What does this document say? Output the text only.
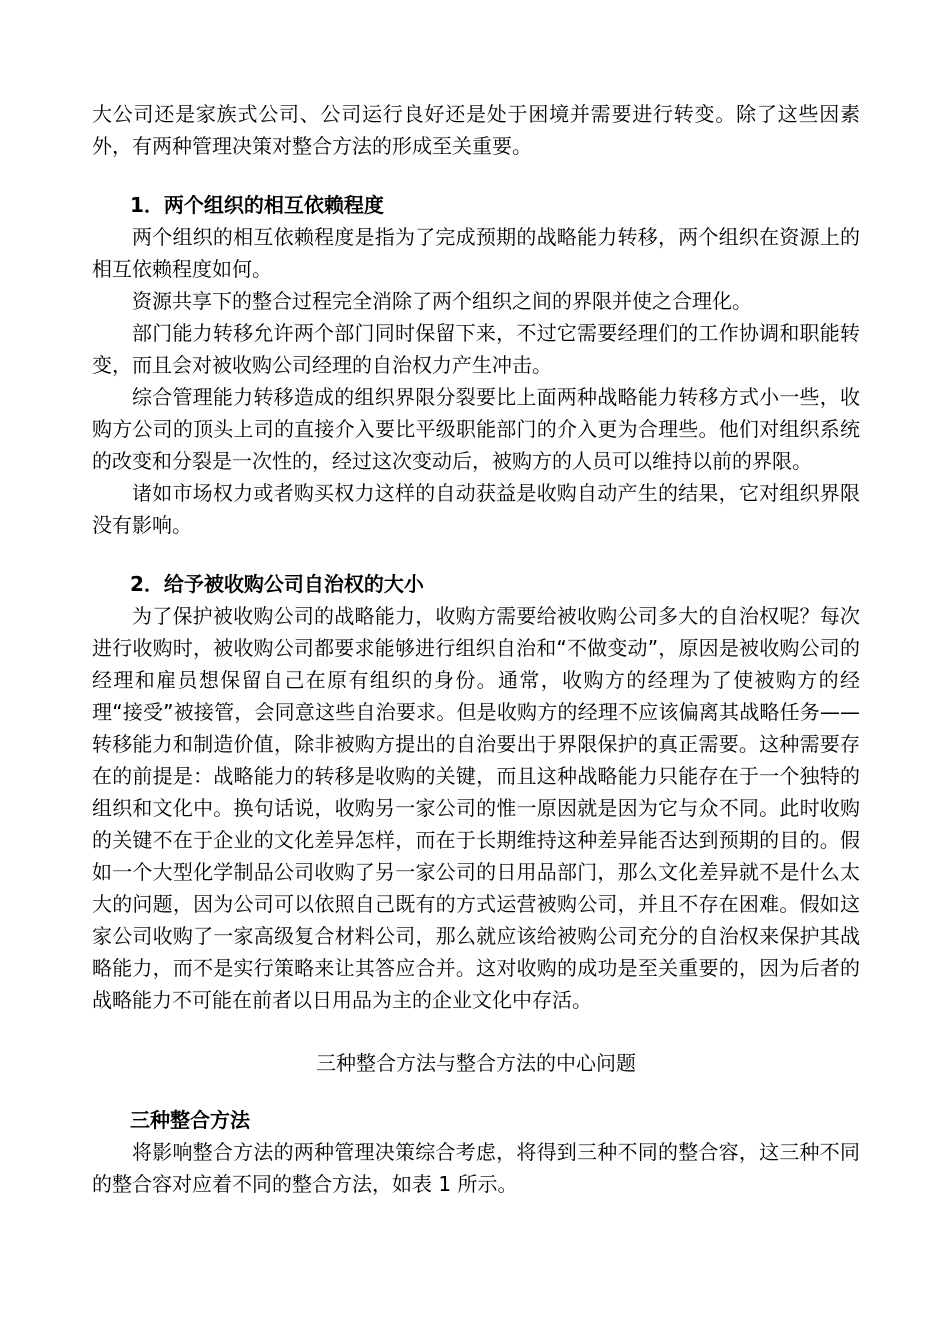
大公司还是家族式公司、公司运行良好还是处于困境并需要进行转变。除了这些因素外，有两种管理决策对整合方法的形成至关重要。

1．两个组织的相互依赖程度

两个组织的相互依赖程度是指为了完成预期的战略能力转移，两个组织在资源上的相互依赖程度如何。

资源共享下的整合过程完全消除了两个组织之间的界限并使之合理化。

部门能力转移允许两个部门同时保留下来，不过它需要经理们的工作协调和职能转变，而且会对被收购公司经理的自治权力产生冲击。

综合管理能力转移造成的组织界限分裂要比上面两种战略能力转移方式小一些，收购方公司的顶头上司的直接介入要比平级职能部门的介入更为合理些。他们对组织系统的改变和分裂是一次性的，经过这次变动后，被购方的人员可以维持以前的界限。

诸如市场权力或者购买权力这样的自动获益是收购自动产生的结果，它对组织界限没有影响。

2．给予被收购公司自治权的大小

为了保护被收购公司的战略能力，收购方需要给被收购公司多大的自治权呢？每次进行收购时，被收购公司都要求能够进行组织自治和“不做变动”，原因是被收购公司的经理和雇员想保留自己在原有组织的身份。通常，收购方的经理为了使被购方的经理“接受”被接管，会同意这些自治要求。但是收购方的经理不应该偏离其战略任务——转移能力和制造价值，除非被购方提出的自治要出于界限保护的真正需要。这种需要存在的前提是：战略能力的转移是收购的关键，而且这种战略能力只能存在于一个独特的组织和文化中。换句话说，收购另一家公司的惟一原因就是因为它与众不同。此时收购的关键不在于企业的文化差异怎样，而在于长期维持这种差异能否达到预期的目的。假如一个大型化学制品公司收购了另一家公司的日用品部门，那么文化差异就不是什么太大的问题，因为公司可以依照自己既有的方式运营被购公司，并且不存在困难。假如这家公司收购了一家高级复合材料公司，那么就应该给被购公司充分的自治权来保护其战略能力，而不是实行策略来让其答应合并。这对收购的成功是至关重要的，因为后者的战略能力不可能在前者以日用品为主的企业文化中存活。

三种整合方法与整合方法的中心问题

三种整合方法

将影响整合方法的两种管理决策综合考虑，将得到三种不同的整合容，这三种不同的整合容对应着不同的整合方法，如表 1 所示。
